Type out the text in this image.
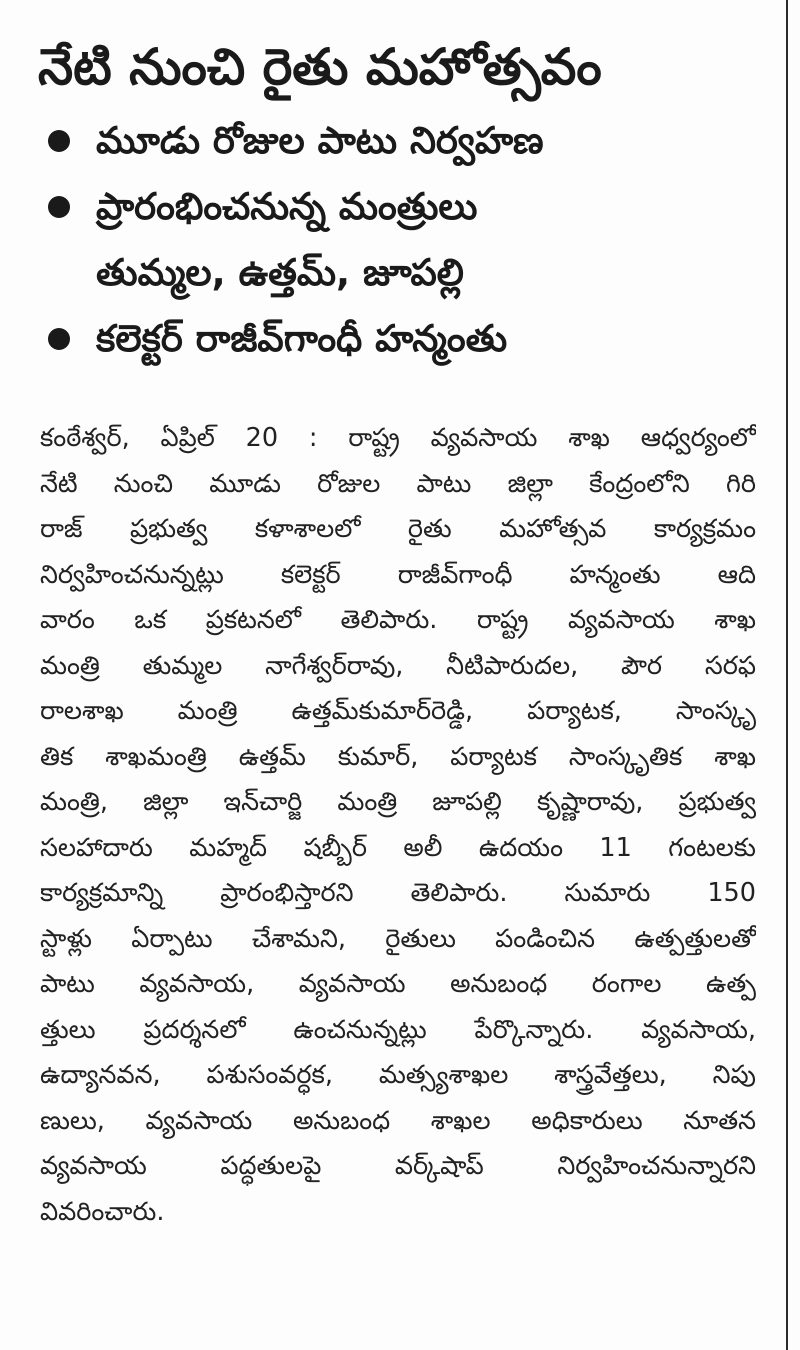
నేటి నుంచి రైతు మహోత్సవం
మూడు రోజుల పాటు నిర్వహణ
ప్రారంభించనున్న మంత్రులు
తుమ్మల, ఉత్తమ్, జూపల్లి
కలెక్టర్ రాజీవ్‌గాంధీ హన్మంతు
కంఠేశ్వర్, ఏప్రిల్ 20 : రాష్ట్ర వ్యవసాయ శాఖ ఆధ్వర్యంలో
నేటి నుంచి మూడు రోజుల పాటు జిల్లా కేంద్రంలోని గిరి
రాజ్ ప్రభుత్వ కళాశాలలో రైతు మహోత్సవ కార్యక్రమం
నిర్వహించనున్నట్లు కలెక్టర్ రాజీవ్‌గాంధీ హన్మంతు ఆది
వారం ఒక ప్రకటనలో తెలిపారు. రాష్ట్ర వ్యవసాయ శాఖ
మంత్రి తుమ్మల నాగేశ్వర్‌రావు, నీటిపారుదల, పౌర సరఫ
రాలశాఖ మంత్రి ఉత్తమ్‌కుమార్‌రెడ్డి, పర్యాటక, సాంస్కృ
తిక శాఖమంత్రి ఉత్తమ్ కుమార్, పర్యాటక సాంస్కృతిక శాఖ
మంత్రి, జిల్లా ఇన్‌చార్జి మంత్రి జూపల్లి కృష్ణారావు, ప్రభుత్వ
సలహాదారు మహ్మద్ షబ్బీర్ అలీ ఉదయం 11 గంటలకు
కార్యక్రమాన్ని ప్రారంభిస్తారని తెలిపారు. సుమారు 150
స్టాళ్లు ఏర్పాటు చేశామని, రైతులు పండించిన ఉత్పత్తులతో
పాటు వ్యవసాయ, వ్యవసాయ అనుబంధ రంగాల ఉత్ప
త్తులు ప్రదర్శనలో ఉంచనున్నట్లు పేర్కొన్నారు. వ్యవసాయ,
ఉద్యానవన, పశుసంవర్ధక, మత్స్యశాఖల శాస్త్రవేత్తలు, నిపు
ణులు, వ్యవసాయ అనుబంధ శాఖల అధికారులు నూతన
వ్యవసాయ పద్ధతులపై వర్క్‌షాప్ నిర్వహించనున్నారని
వివరించారు.
